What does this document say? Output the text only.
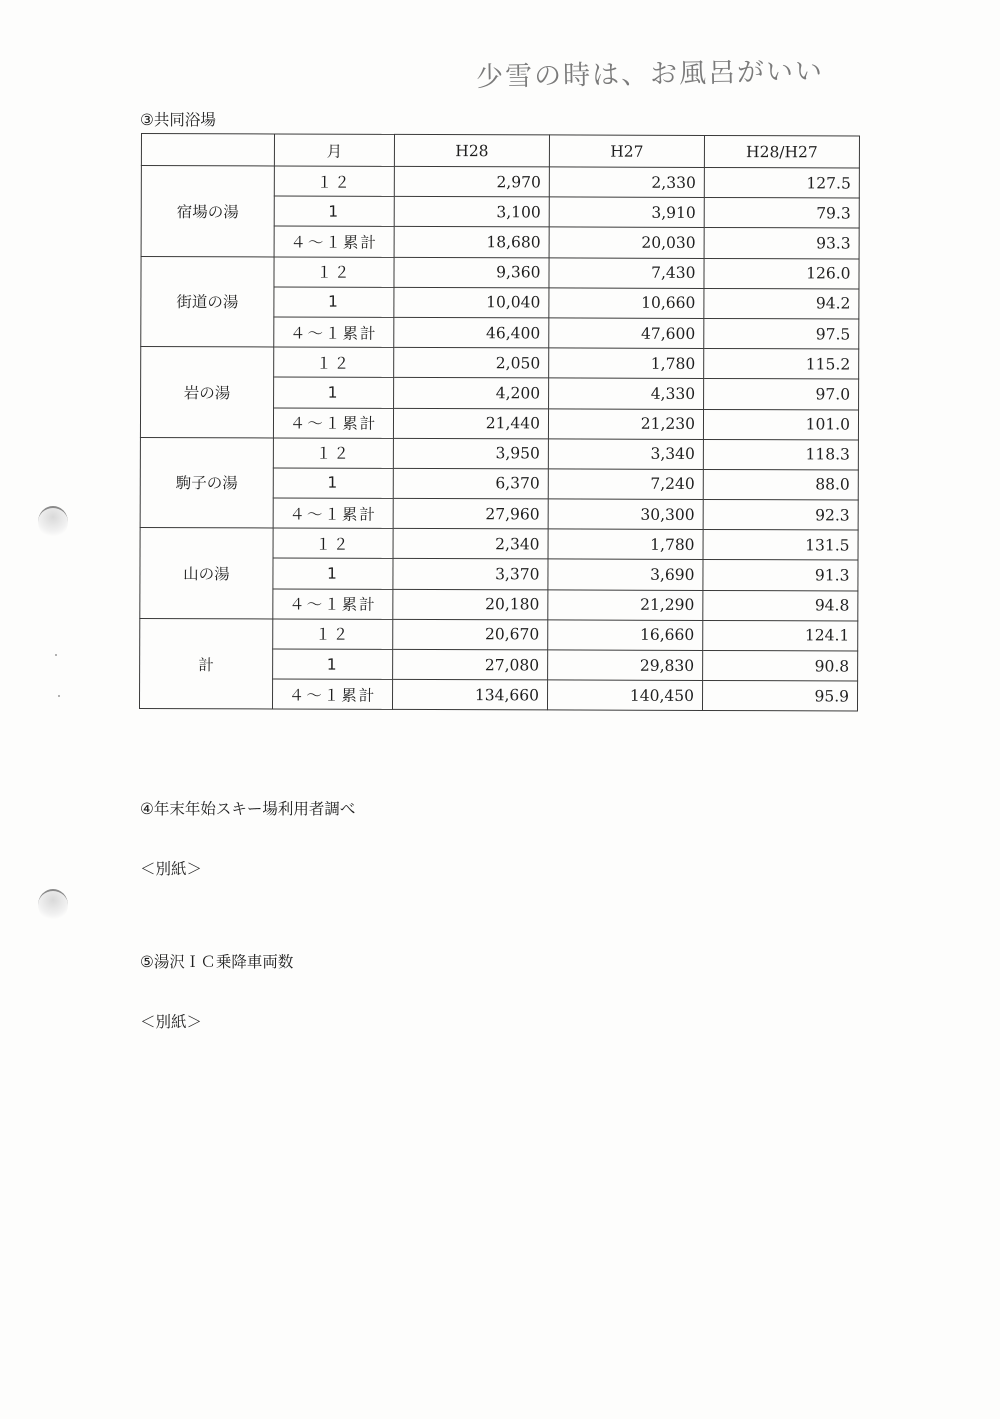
少雪の時は、お風呂がいい
③共同浴場
	月	H28	H27	H28/H27
宿場の湯	１２	2,970	2,330	127.5
	1	3,100	3,910	79.3
	４～１累計	18,680	20,030	93.3
街道の湯	１２	9,360	7,430	126.0
	1	10,040	10,660	94.2
	４～１累計	46,400	47,600	97.5
岩の湯	１２	2,050	1,780	115.2
	1	4,200	4,330	97.0
	４～１累計	21,440	21,230	101.0
駒子の湯	１２	3,950	3,340	118.3
	1	6,370	7,240	88.0
	４～１累計	27,960	30,300	92.3
山の湯	１２	2,340	1,780	131.5
	1	3,370	3,690	91.3
	４～１累計	20,180	21,290	94.8
計	１２	20,670	16,660	124.1
	1	27,080	29,830	90.8
	４～１累計	134,660	140,450	95.9
④年末年始スキー場利用者調べ
＜別紙＞
⑤湯沢ＩＣ乗降車両数
＜別紙＞
